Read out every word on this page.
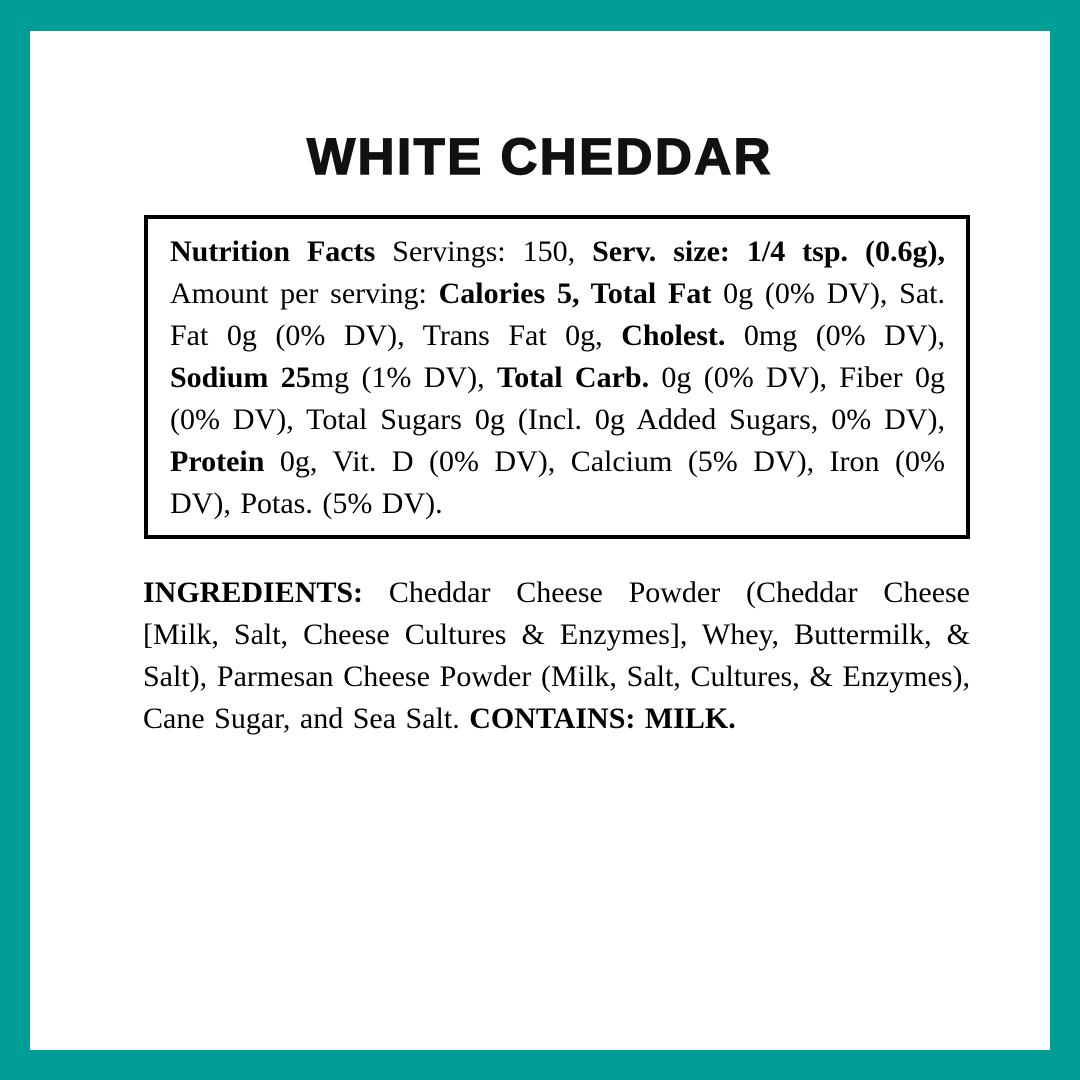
WHITE CHEDDAR

Nutrition Facts Servings: 150, Serv. size: 1/4 tsp. (0.6g), Amount per serving: Calories 5, Total Fat 0g (0% DV), Sat. Fat 0g (0% DV), Trans Fat 0g, Cholest. 0mg (0% DV), Sodium 25mg (1% DV), Total Carb. 0g (0% DV), Fiber 0g (0% DV), Total Sugars 0g (Incl. 0g Added Sugars, 0% DV), Protein 0g, Vit. D (0% DV), Calcium (5% DV), Iron (0% DV), Potas. (5% DV).

INGREDIENTS: Cheddar Cheese Powder (Cheddar Cheese [Milk, Salt, Cheese Cultures & Enzymes], Whey, Buttermilk, & Salt), Parmesan Cheese Powder (Milk, Salt, Cultures, & Enzymes), Cane Sugar, and Sea Salt. CONTAINS: MILK.
